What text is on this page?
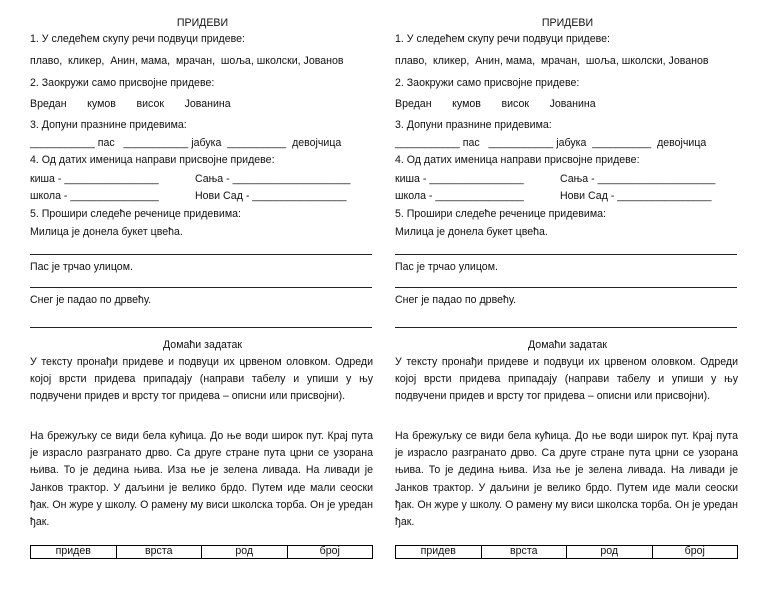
ПРИДЕВИ
1. У следећем скупу речи подвуци придеве:
плаво,  кликер,  Анин, мама,  мрачан,  шоља, школски, Јованов
2. Заокружи само присвојне придеве:
Вредан       кумов       висок       Јованина
3. Допуни празнине придевима:
___________ пас   ___________ јабука  __________  девојчица
4. Од датих именица направи присвојне придеве:
киша - ________________	Сања - ____________________
школа - _______________	Нови Сад - ________________
5. Прошири следеће реченице придевима:
Милица је донела букет цвећа.
Пас је трчао улицом.
Снег је падао по дрвећу.
Домаћи задатак
У тексту пронађи придеве и подвуци их црвеном оловком. Одреди којој врсти придева припадају (направи табелу и упиши у њу подвучени придев и врсту тог придева – описни или присвојни).
На брежуљку се види бела кућица. До ње води широк пут. Крај пута је израсло разгранато дрво. Са друге стране пута црни се узорана њива. То је дедина њива. Иза ње је зелена ливада. На ливади је Јанков трактор. У даљини је велико брдо. Путем иде мали сеоски ђак. Он журе у школу. О рамену му виси школска торба. Он је уредан ђак.
придев	врста	род	број
ПРИДЕВИ
1. У следећем скупу речи подвуци придеве:
плаво,  кликер,  Анин, мама,  мрачан,  шоља, школски, Јованов
2. Заокружи само присвојне придеве:
Вредан       кумов       висок       Јованина
3. Допуни празнине придевима:
___________ пас   ___________ јабука  __________  девојчица
4. Од датих именица направи присвојне придеве:
киша - ________________	Сања - ____________________
школа - _______________	Нови Сад - ________________
5. Прошири следеће реченице придевима:
Милица је донела букет цвећа.
Пас је трчао улицом.
Снег је падао по дрвећу.
Домаћи задатак
У тексту пронађи придеве и подвуци их црвеном оловком. Одреди којој врсти придева припадају (направи табелу и упиши у њу подвучени придев и врсту тог придева – описни или присвојни).
На брежуљку се види бела кућица. До ње води широк пут. Крај пута је израсло разгранато дрво. Са друге стране пута црни се узорана њива. То је дедина њива. Иза ње је зелена ливада. На ливади је Јанков трактор. У даљини је велико брдо. Путем иде мали сеоски ђак. Он журе у школу. О рамену му виси школска торба. Он је уредан ђак.
придев	врста	род	број
